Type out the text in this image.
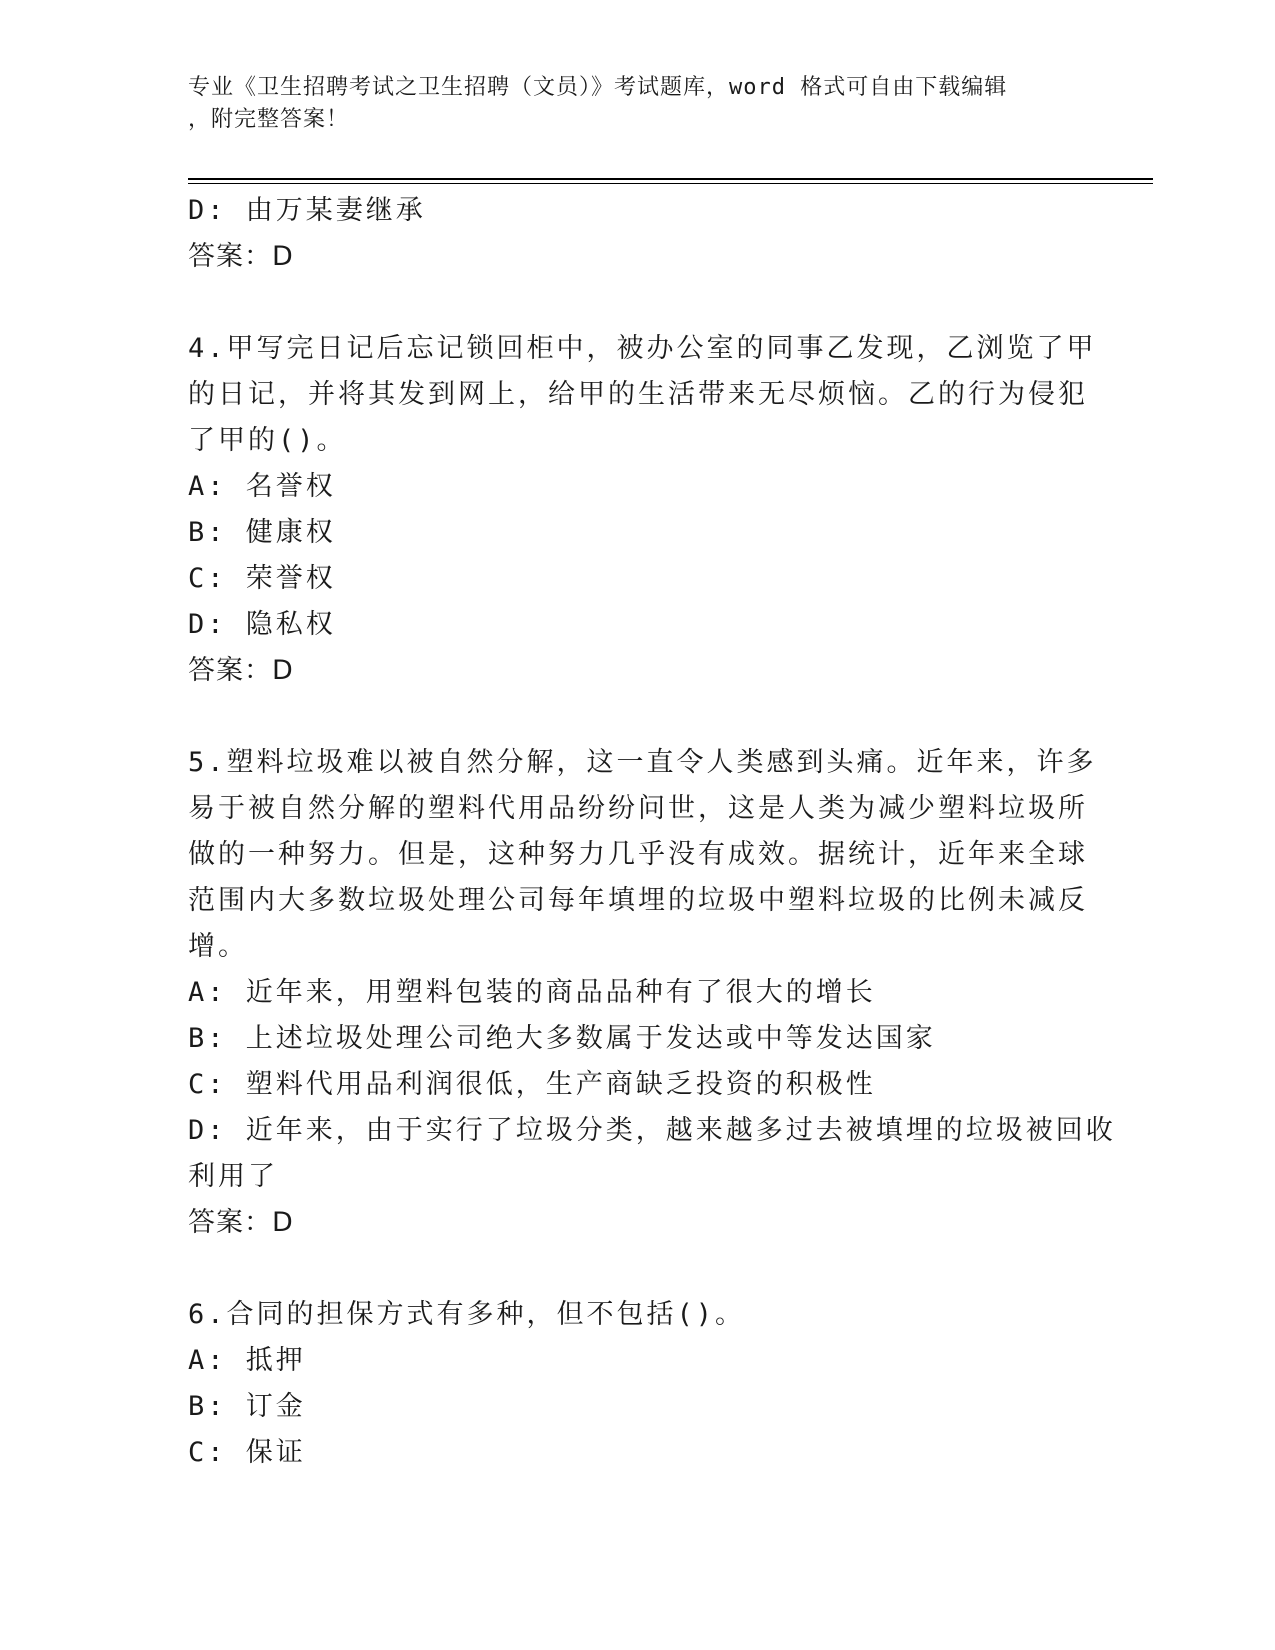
专业《卫生招聘考试之卫生招聘（文员）》考试题库，word 格式可自由下载编辑
，附完整答案！
D: 由万某妻继承
答案：D
4.甲写完日记后忘记锁回柜中，被办公室的同事乙发现，乙浏览了甲
的日记，并将其发到网上，给甲的生活带来无尽烦恼。乙的行为侵犯
了甲的()。
A: 名誉权
B: 健康权
C: 荣誉权
D: 隐私权
答案：D
5.塑料垃圾难以被自然分解，这一直令人类感到头痛。近年来，许多
易于被自然分解的塑料代用品纷纷问世，这是人类为减少塑料垃圾所
做的一种努力。但是，这种努力几乎没有成效。据统计，近年来全球
范围内大多数垃圾处理公司每年填埋的垃圾中塑料垃圾的比例未减反
增。
A: 近年来，用塑料包装的商品品种有了很大的增长
B: 上述垃圾处理公司绝大多数属于发达或中等发达国家
C: 塑料代用品利润很低，生产商缺乏投资的积极性
D: 近年来，由于实行了垃圾分类，越来越多过去被填埋的垃圾被回收
利用了
答案：D
6.合同的担保方式有多种，但不包括()。
A: 抵押
B: 订金
C: 保证
